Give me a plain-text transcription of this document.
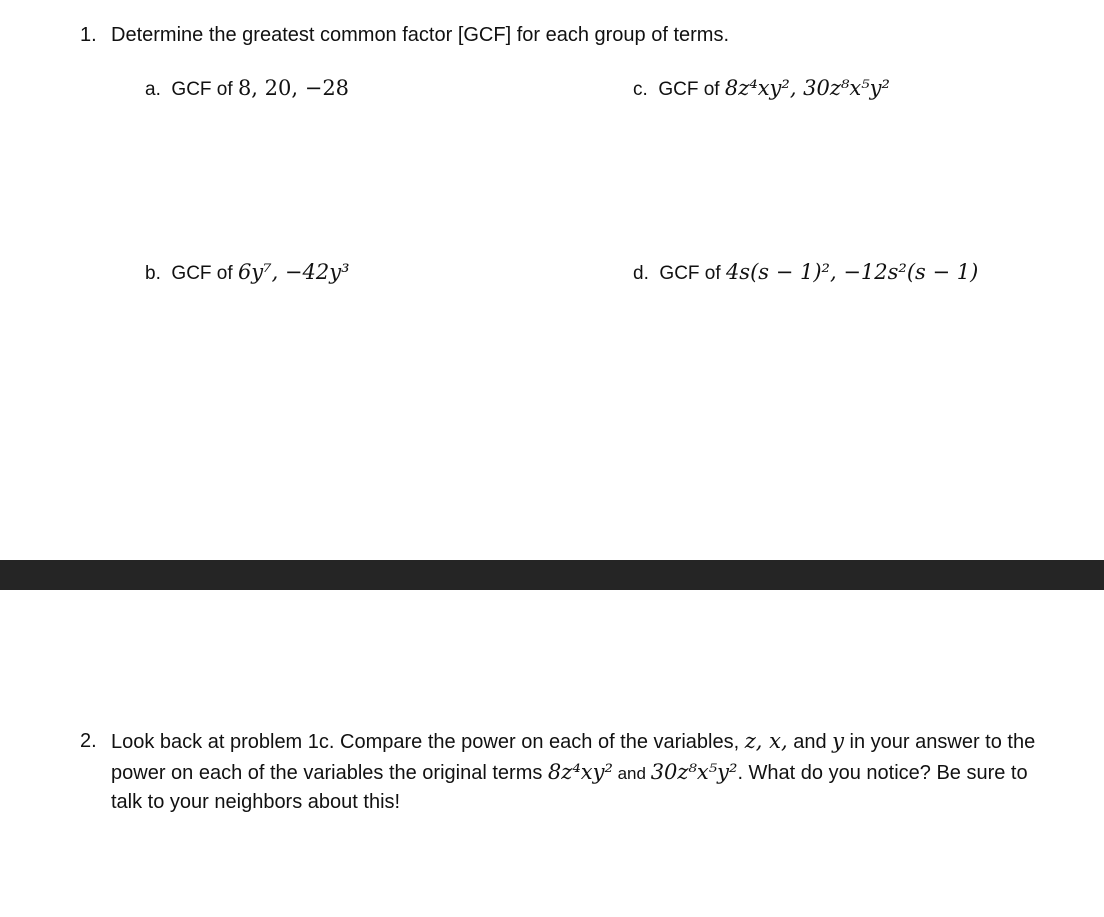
1. Determine the greatest common factor [GCF] for each group of terms.
a. GCF of 8, 20, −28
b. GCF of 6y⁷, −42y³
c. GCF of 8z⁴xy², 30z⁸x⁵y²
d. GCF of 4s(s − 1)², −12s²(s − 1)
2. Look back at problem 1c. Compare the power on each of the variables, z, x, and y in your answer to the power on each of the variables the original terms 8z⁴xy² and 30z⁸x⁵y². What do you notice? Be sure to talk to your neighbors about this!
